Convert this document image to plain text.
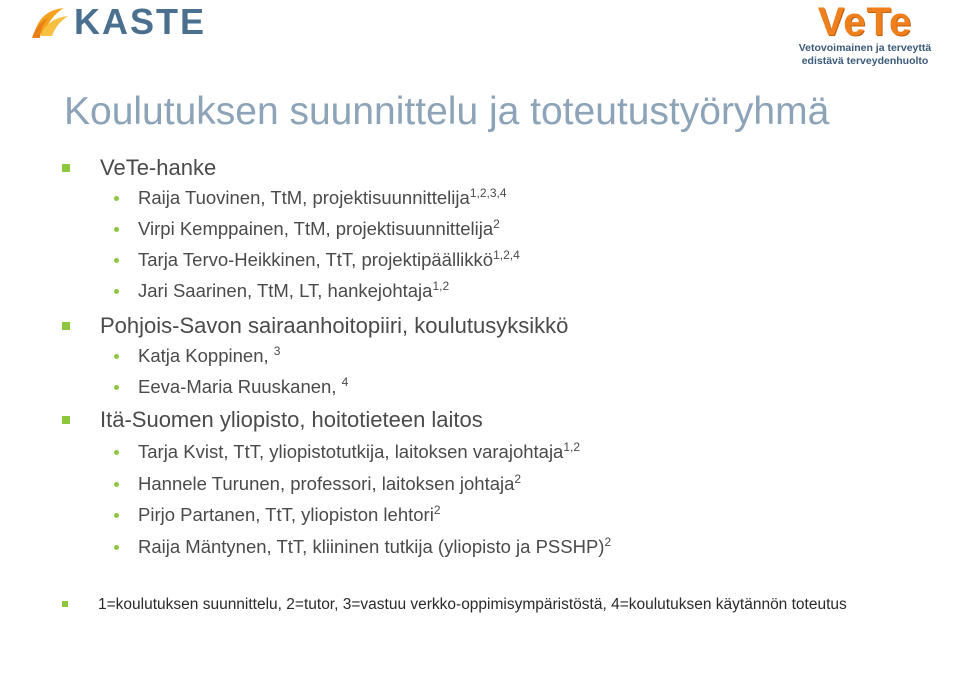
KASTE	VeTe
Vetovoimainen ja terveyttä
edistävä terveydenhuolto
Koulutuksen suunnittelu ja toteutustyöryhmä
VeTe-hanke
Raija Tuovinen, TtM, projektisuunnittelija$^{1,2,3,4}$
Virpi Kemppainen, TtM, projektisuunnittelija$^2$
Tarja Tervo-Heikkinen, TtT, projektipäällikkö$^{1,2,4}$
Jari Saarinen, TtM, LT, hankejohtaja$^{1,2}$
Pohjois-Savon sairaanhoitopiiri, koulutusyksikkö
Katja Koppinen, $^3$
Eeva-Maria Ruuskanen, $^4$
Itä-Suomen yliopisto, hoitotieteen laitos
Tarja Kvist, TtT, yliopistotutkija, laitoksen varajohtaja$^{1,2}$
Hannele Turunen, professori, laitoksen johtaja$^2$
Pirjo Partanen, TtT, yliopiston lehtori$^2$
Raija Mäntynen, TtT, kliininen tutkija (yliopisto ja PSSHP)$^2$
1=koulutuksen suunnittelu, 2=tutor, 3=vastuu verkko-oppimisympäristöstä, 4=koulutuksen käytännön toteutus
